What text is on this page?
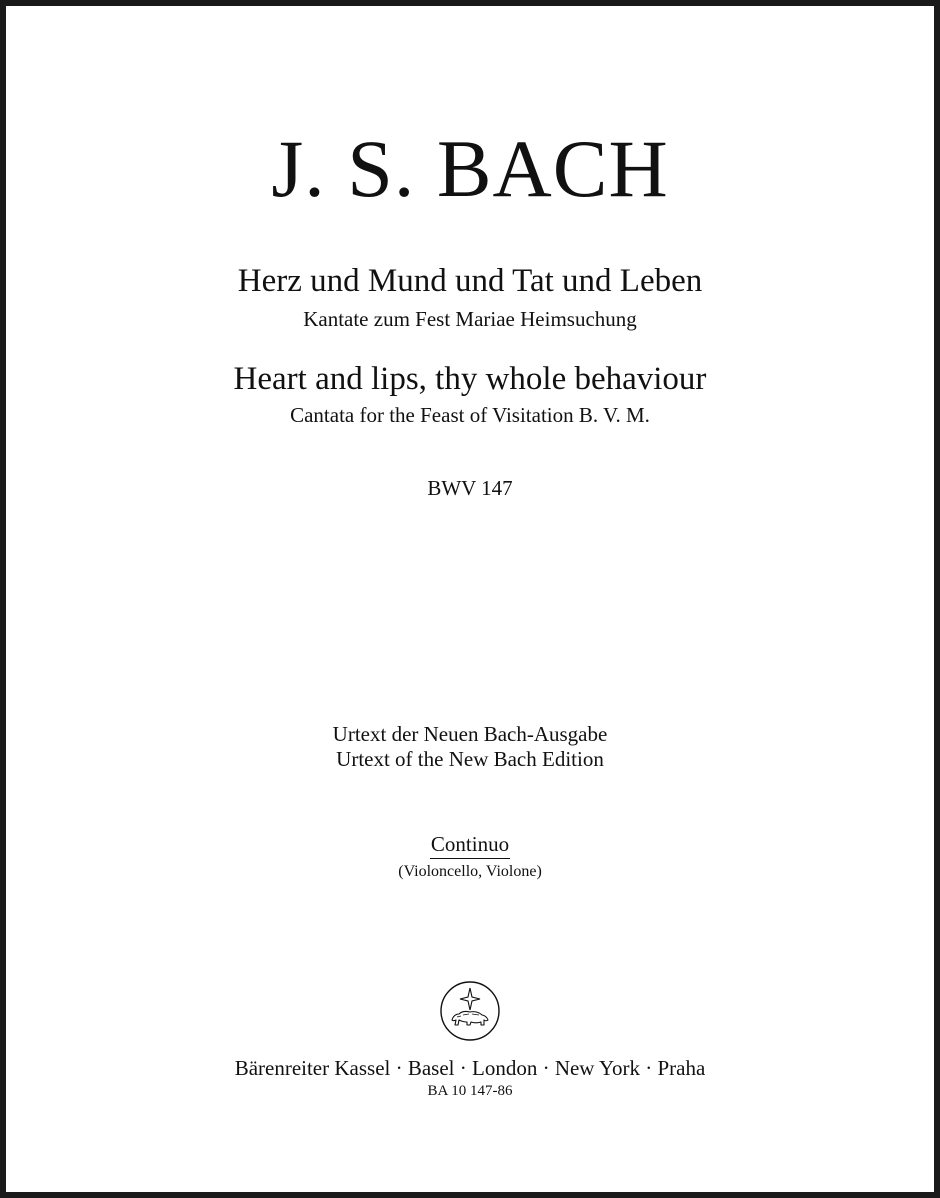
J. S. BACH
Herz und Mund und Tat und Leben
Kantate zum Fest Mariae Heimsuchung
Heart and lips, thy whole behaviour
Cantata for the Feast of Visitation B. V. M.
BWV 147
Urtext der Neuen Bach-Ausgabe
Urtext of the New Bach Edition
Continuo
(Violoncello, Violone)
Bärenreiter Kassel · Basel · London · New York · Praha
BA 10 147-86
